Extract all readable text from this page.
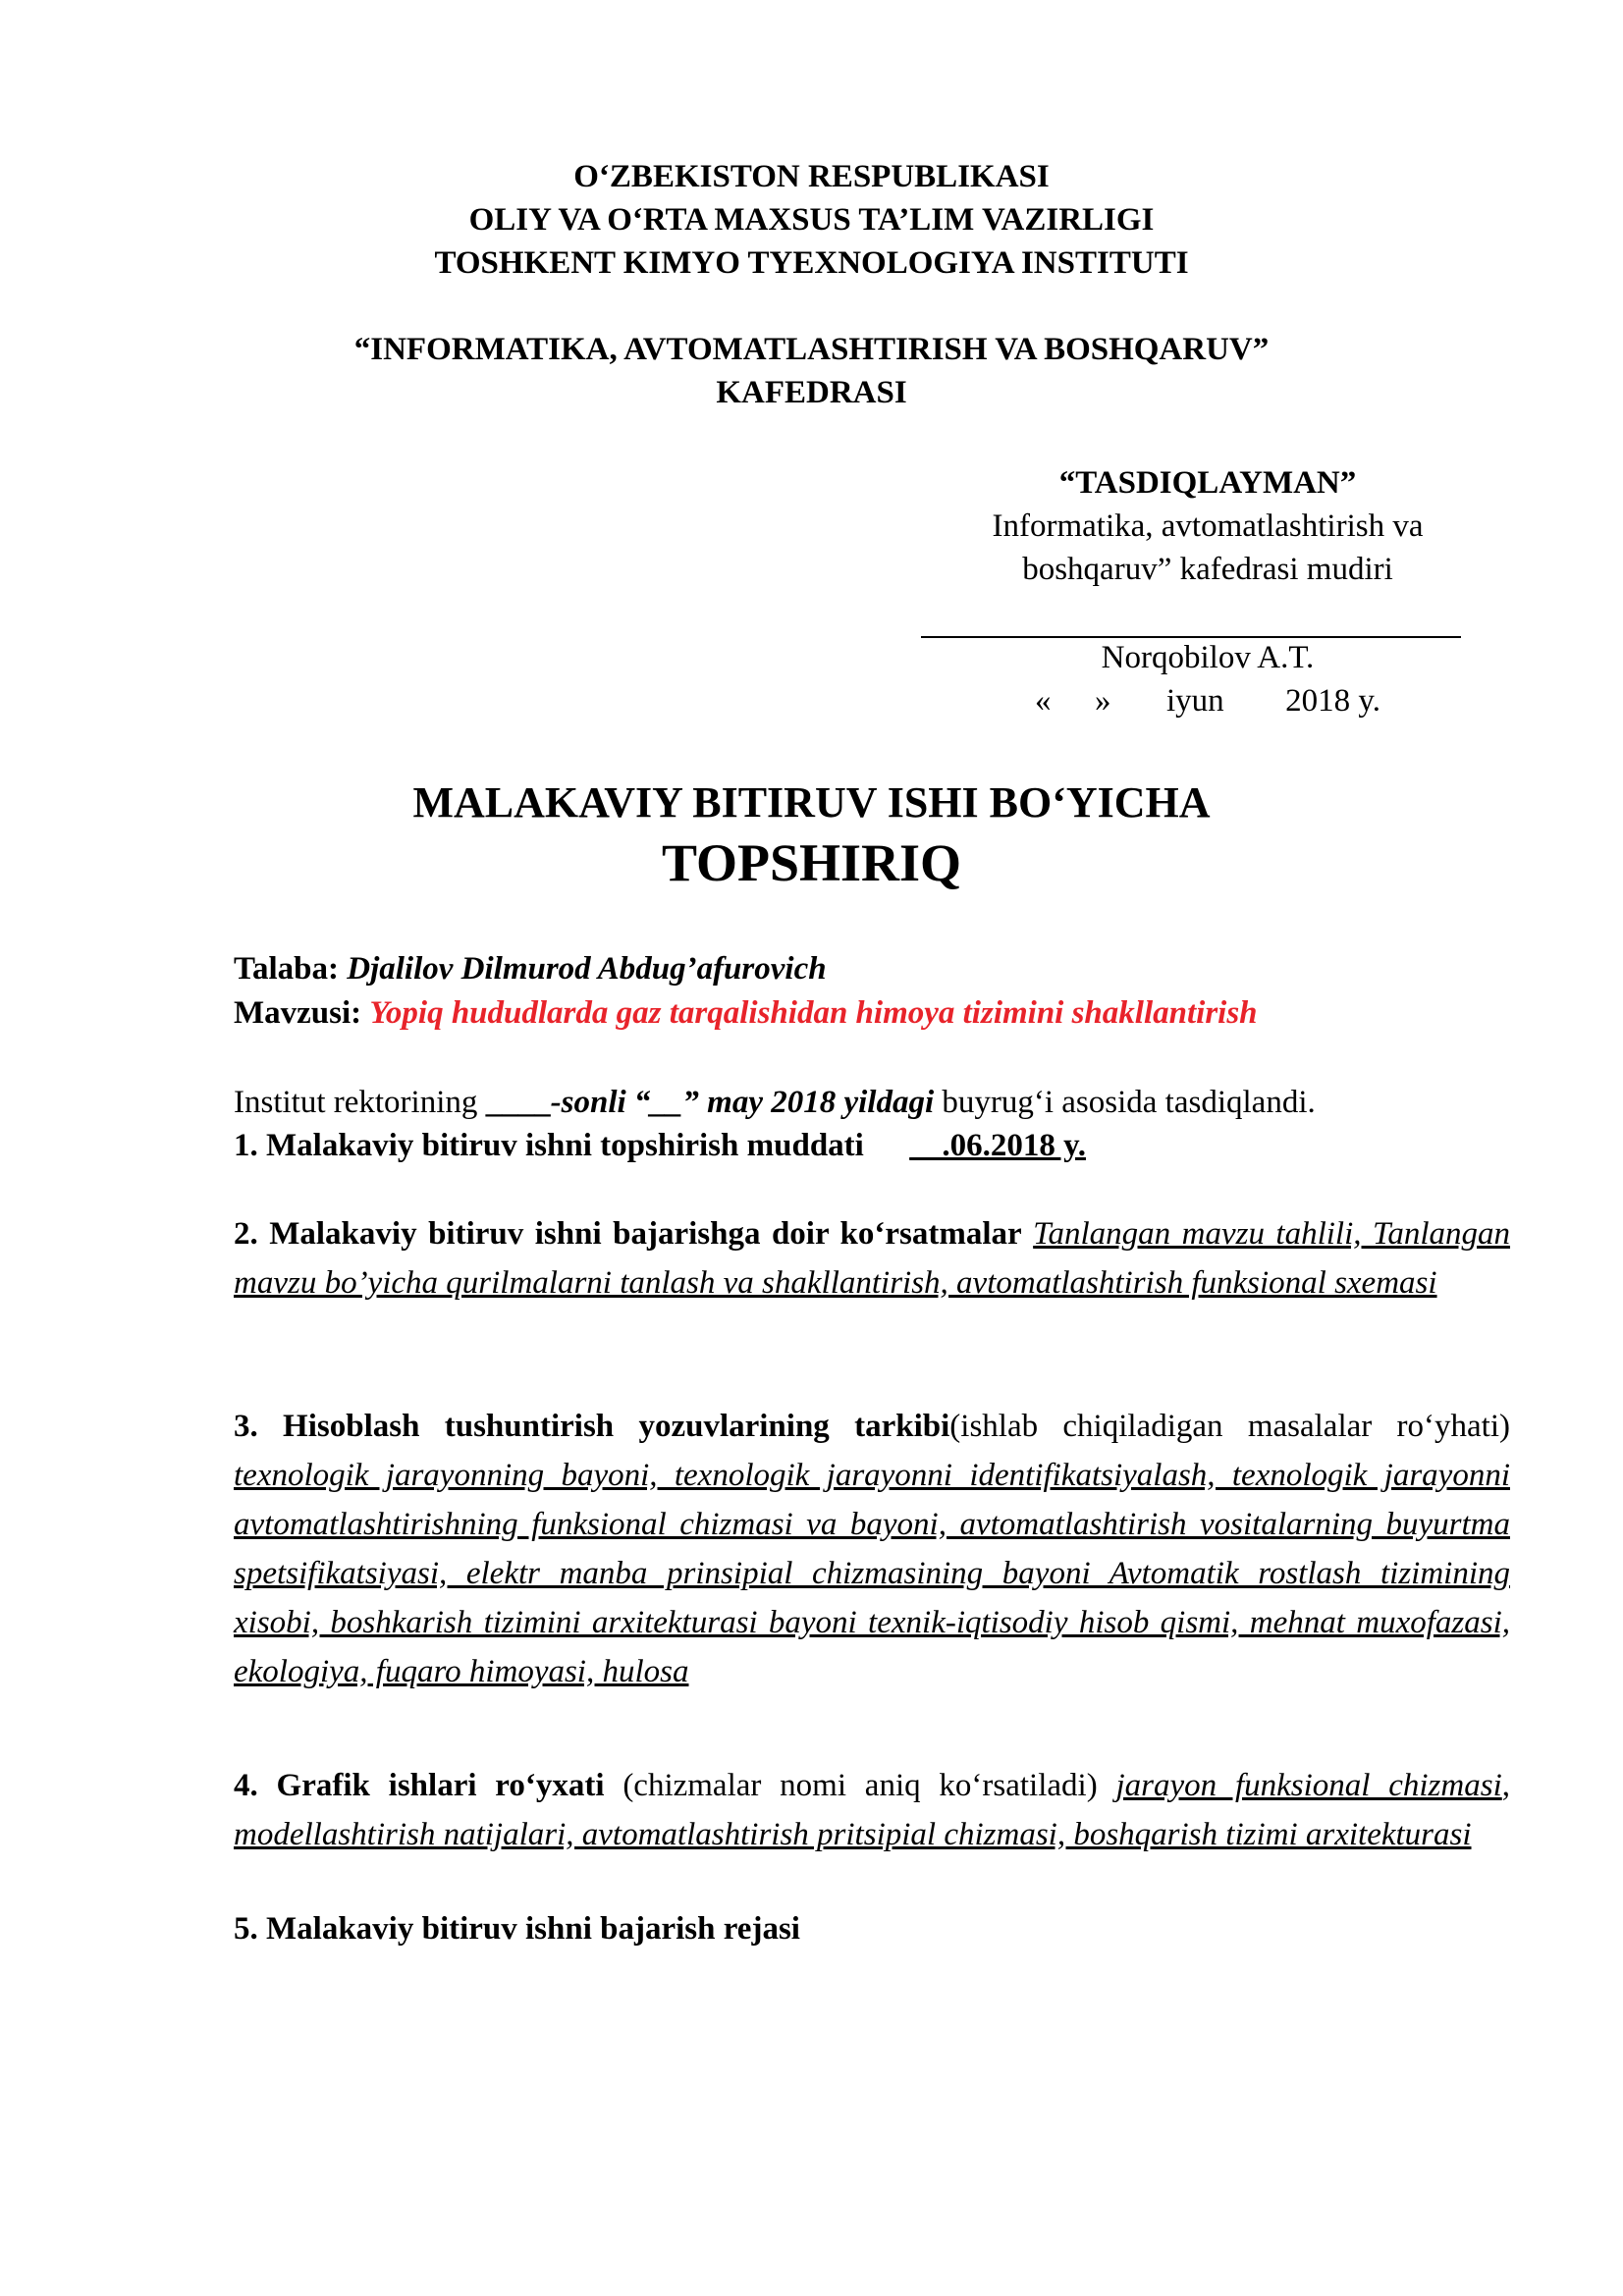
O‘ZBEKISTON RESPUBLIKASI
OLIY VA O‘RTA MAXSUS TA’LIM VAZIRLIGI
TOSHKENT KIMYO TYEXNOLOGIYA INSTITUTI
“INFORMATIKA, AVTOMATLASHTIRISH VA BOSHQARUV”
KAFEDRASI
“TASDIQLAYMAN”
Informatika, avtomatlashtirish va
boshqaruv” kafedrasi mudiri
Norqobilov A.T.
« » iyun 2018 y.
MALAKAVIY BITIRUV ISHI BO‘YICHA
TOPSHIRIQ
Talaba: Djalilov Dilmurod Abdug’afurovich
Mavzusi: Yopiq hududlarda gaz tarqalishidan himoya tizimini shakllantirish
Institut rektorining ____-sonli “__” may 2018 yildagi buyrug‘i asosida tasdiqlandi.
1. Malakaviy bitiruv ishni topshirish muddati __.06.2018 y.
2. Malakaviy bitiruv ishni bajarishga doir ko‘rsatmalar Tanlangan mavzu tahlili, Tanlangan mavzu bo’yicha qurilmalarni tanlash va shakllantirish, avtomatlashtirish funksional sxemasi
3. Hisoblash tushuntirish yozuvlarining tarkibi(ishlab chiqiladigan masalalar ro‘yhati) texnologik jarayonning bayoni, texnologik jarayonni identifikatsiyalash, texnologik jarayonni avtomatlashtirishning funksional chizmasi va bayoni, avtomatlashtirish vositalarning buyurtma spetsifikatsiyasi, elektr manba prinsipial chizmasining bayoni Avtomatik rostlash tizimining xisobi, boshkarish tizimini arxitekturasi bayoni texnik-iqtisodiy hisob qismi, mehnat muxofazasi, ekologiya, fuqaro himoyasi, hulosa
4. Grafik ishlari ro‘yxati (chizmalar nomi aniq ko‘rsatiladi) jarayon funksional chizmasi, modellashtirish natijalari, avtomatlashtirish pritsipial chizmasi, boshqarish tizimi arxitekturasi
5. Malakaviy bitiruv ishni bajarish rejasi
